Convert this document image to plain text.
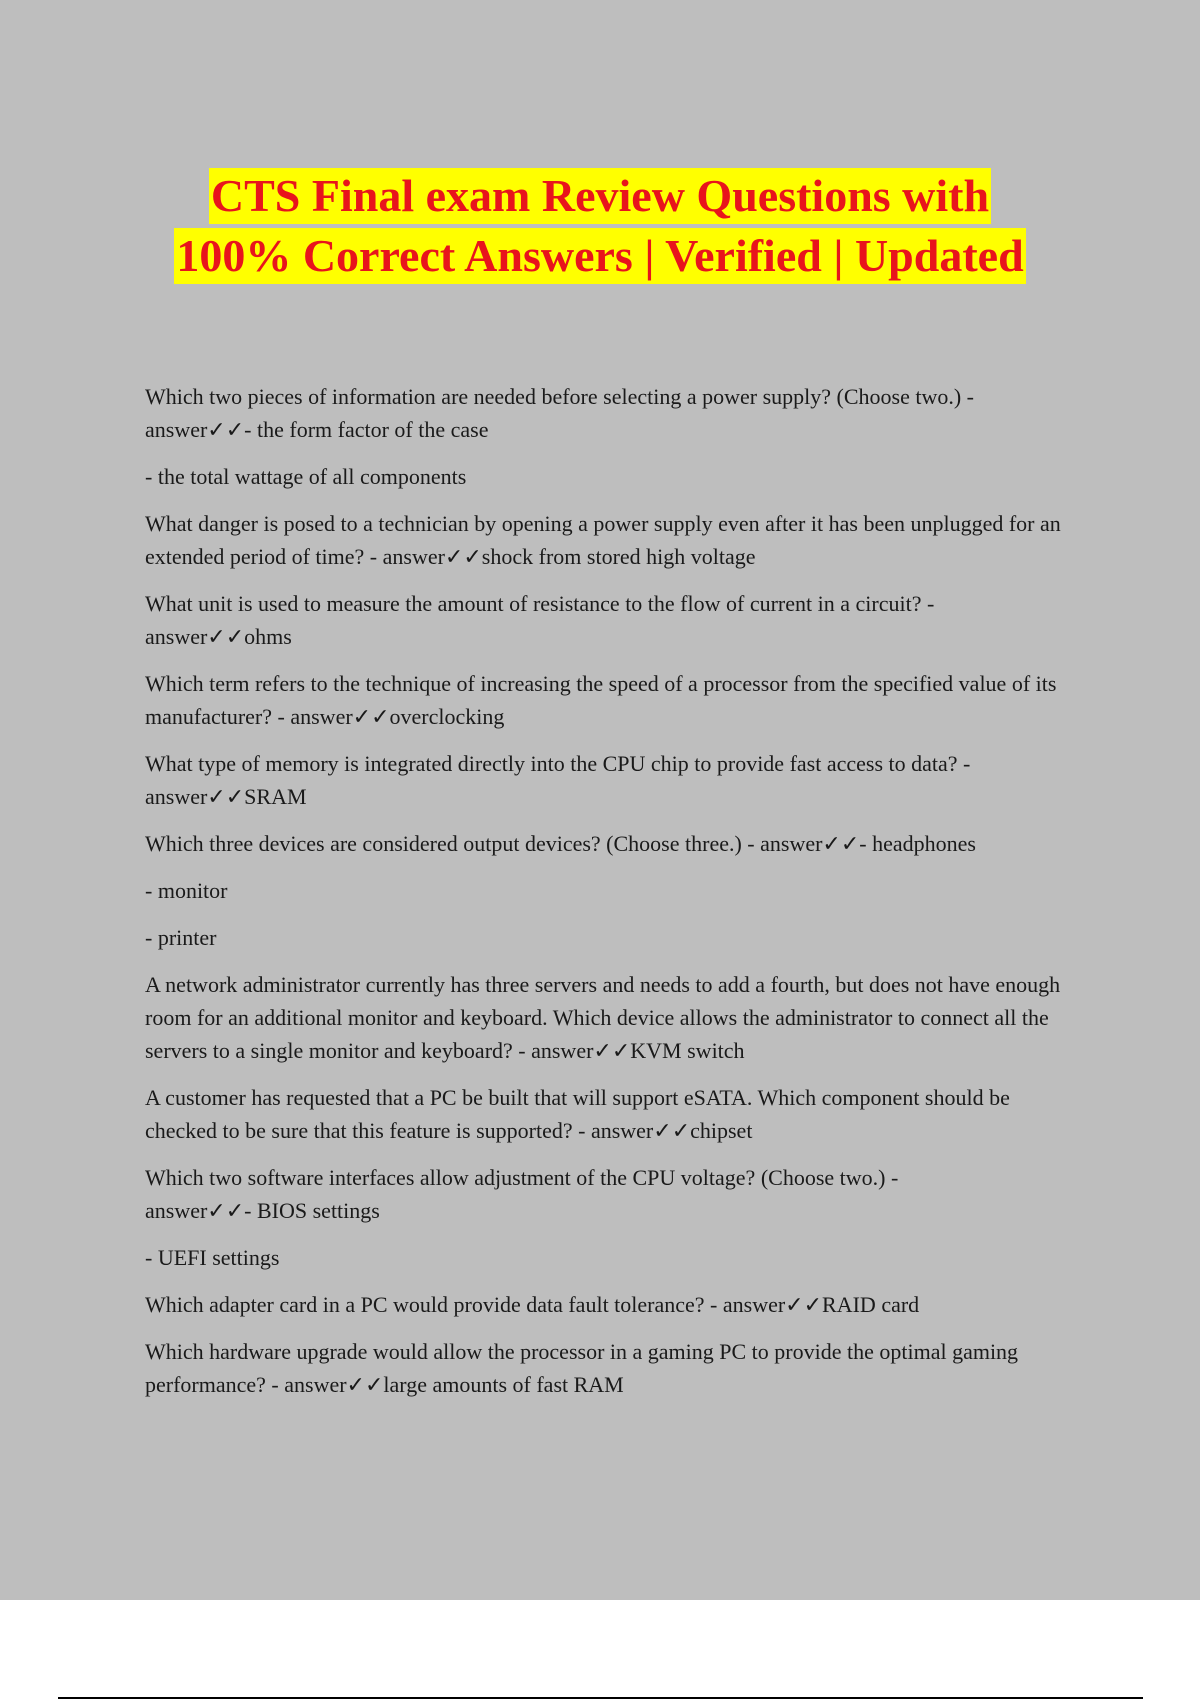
CTS Final exam Review Questions with
100% Correct Answers | Verified | Updated

Which two pieces of information are needed before selecting a power supply? (Choose two.) -
answer✓✓- the form factor of the case

- the total wattage of all components

What danger is posed to a technician by opening a power supply even after it has been unplugged for an extended period of time? - answer✓✓shock from stored high voltage

What unit is used to measure the amount of resistance to the flow of current in a circuit? -
answer✓✓ohms

Which term refers to the technique of increasing the speed of a processor from the specified value of its manufacturer? - answer✓✓overclocking

What type of memory is integrated directly into the CPU chip to provide fast access to data? -
answer✓✓SRAM

Which three devices are considered output devices? (Choose three.) - answer✓✓- headphones

- monitor

- printer

A network administrator currently has three servers and needs to add a fourth, but does not have enough room for an additional monitor and keyboard. Which device allows the administrator to connect all the servers to a single monitor and keyboard? - answer✓✓KVM switch

A customer has requested that a PC be built that will support eSATA. Which component should be checked to be sure that this feature is supported? - answer✓✓chipset

Which two software interfaces allow adjustment of the CPU voltage? (Choose two.) -
answer✓✓- BIOS settings

- UEFI settings

Which adapter card in a PC would provide data fault tolerance? - answer✓✓RAID card

Which hardware upgrade would allow the processor in a gaming PC to provide the optimal gaming performance? - answer✓✓large amounts of fast RAM
